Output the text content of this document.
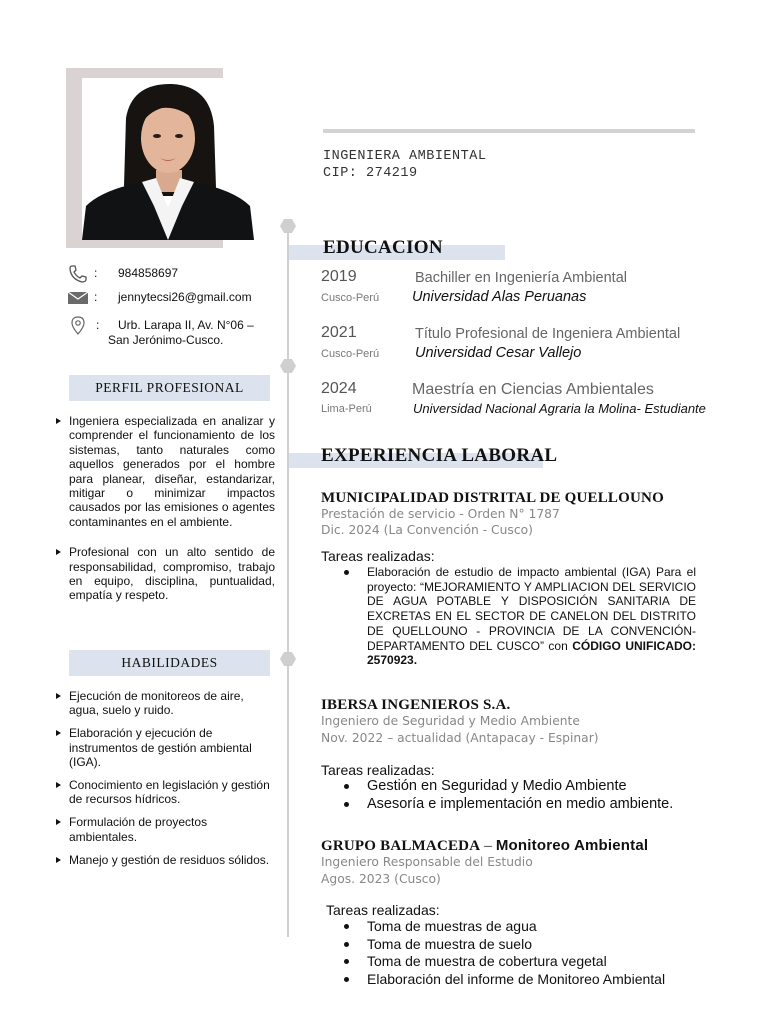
: 984858697
: jennytecsi26@gmail.com
: Urb. Larapa II, Av. N°06 –
San Jerónimo-Cusco.
PERFIL PROFESIONAL
Ingeniera especializada en analizar y comprender el funcionamiento de los sistemas, tanto naturales como aquellos generados por el hombre para planear, diseñar, estandarizar, mitigar o minimizar impactos causados por las emisiones o agentes contaminantes en el ambiente.
Profesional con un alto sentido de responsabilidad, compromiso, trabajo en equipo, disciplina, puntualidad, empatía y respeto.
HABILIDADES
Ejecución de monitoreos de aire, agua, suelo y ruido.
Elaboración y ejecución de instrumentos de gestión ambiental (IGA).
Conocimiento en legislación y gestión de recursos hídricos.
Formulación de proyectos ambientales.
Manejo y gestión de residuos sólidos.
INGENIERA AMBIENTAL
CIP: 274219
EDUCACION
2019	Bachiller en Ingeniería Ambiental
Cusco-Perú Universidad Alas Peruanas
2021	Título Profesional de Ingeniera Ambiental
Cusco-Perú Universidad Cesar Vallejo
2024	Maestría en Ciencias Ambientales
Lima-Perú	Universidad Nacional Agraria la Molina- Estudiante
EXPERIENCIA LABORAL
MUNICIPALIDAD DISTRITAL DE QUELLOUNO
Prestación de servicio - Orden N° 1787
Dic. 2024 (La Convención - Cusco)
Tareas realizadas:
Elaboración de estudio de impacto ambiental (IGA) Para el proyecto: “MEJORAMIENTO Y AMPLIACION DEL SERVICIO DE AGUA POTABLE Y DISPOSICIÓN SANITARIA DE EXCRETAS EN EL SECTOR DE CANELON DEL DISTRITO DE QUELLOUNO - PROVINCIA DE LA CONVENCIÓN- DEPARTAMENTO DEL CUSCO” con CÓDIGO UNIFICADO: 2570923.
IBERSA INGENIEROS S.A.
Ingeniero de Seguridad y Medio Ambiente
Nov. 2022 – actualidad (Antapacay - Espinar)
Tareas realizadas:
Gestión en Seguridad y Medio Ambiente
Asesoría e implementación en medio ambiente.
GRUPO BALMACEDA – Monitoreo Ambiental
Ingeniero Responsable del Estudio
Agos. 2023 (Cusco)
Tareas realizadas:
Toma de muestras de agua
Toma de muestra de suelo
Toma de muestra de cobertura vegetal
Elaboración del informe de Monitoreo Ambiental
